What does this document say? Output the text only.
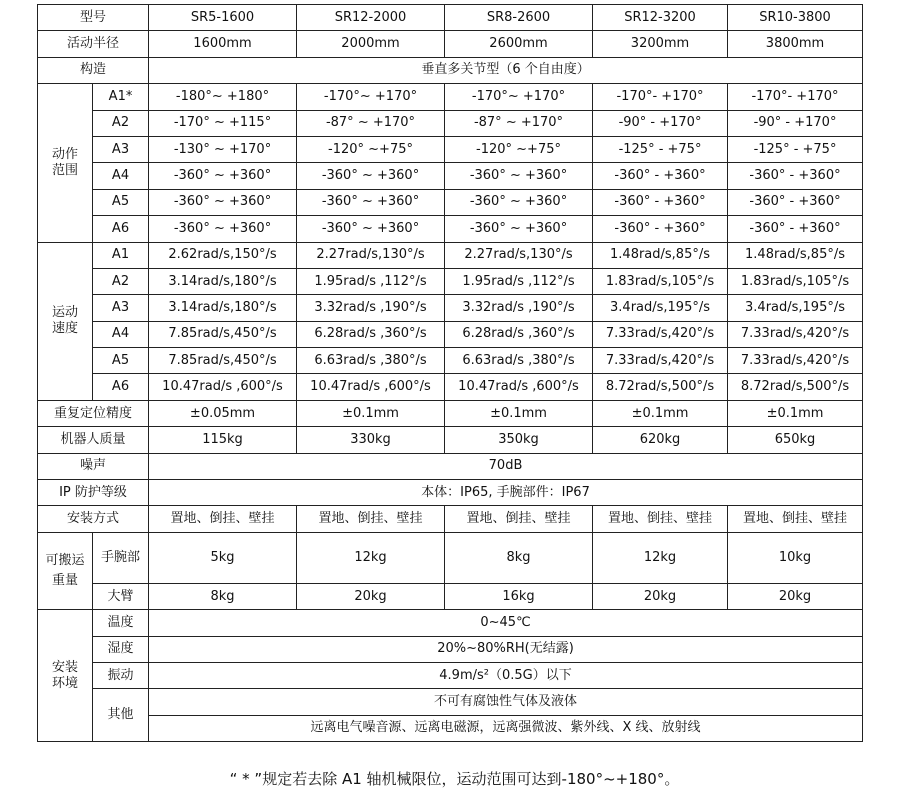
型号		SR5-1600	SR12-2000	SR8-2600	SR12-3200	SR10-3800
活动半径		1600mm	2000mm	2600mm	3200mm	3800mm
构造		垂直多关节型（6 个自由度）				
动作
范围	A1*	-180°~ +180°	-170°~ +170°	-170°~ +170°	-170°- +170°	-170°- +170°
	A2	-170° ~ +115°	-87° ~ +170°	-87° ~ +170°	-90° - +170°	-90° - +170°
	A3	-130° ~ +170°	-120° ~+75°	-120° ~+75°	-125° - +75°	-125° - +75°
	A4	-360° ~ +360°	-360° ~ +360°	-360° ~ +360°	-360° - +360°	-360° - +360°
	A5	-360° ~ +360°	-360° ~ +360°	-360° ~ +360°	-360° - +360°	-360° - +360°
	A6	-360° ~ +360°	-360° ~ +360°	-360° ~ +360°	-360° - +360°	-360° - +360°
运动
速度	A1	2.62rad/s,150°/s	2.27rad/s,130°/s	2.27rad/s,130°/s	1.48rad/s,85°/s	1.48rad/s,85°/s
	A2	3.14rad/s,180°/s	1.95rad/s ,112°/s	1.95rad/s ,112°/s	1.83rad/s,105°/s	1.83rad/s,105°/s
	A3	3.14rad/s,180°/s	3.32rad/s ,190°/s	3.32rad/s ,190°/s	3.4rad/s,195°/s	3.4rad/s,195°/s
	A4	7.85rad/s,450°/s	6.28rad/s ,360°/s	6.28rad/s ,360°/s	7.33rad/s,420°/s	7.33rad/s,420°/s
	A5	7.85rad/s,450°/s	6.63rad/s ,380°/s	6.63rad/s ,380°/s	7.33rad/s,420°/s	7.33rad/s,420°/s
	A6	10.47rad/s ,600°/s	10.47rad/s ,600°/s	10.47rad/s ,600°/s	8.72rad/s,500°/s	8.72rad/s,500°/s
重复定位精度		±0.05mm	±0.1mm	±0.1mm	±0.1mm	±0.1mm
机器人质量		115kg	330kg	350kg	620kg	650kg
噪声		70dB				
IP 防护等级		本体：IP65, 手腕部件：IP67				
安装方式		置地、倒挂、壁挂	置地、倒挂、壁挂	置地、倒挂、壁挂	置地、倒挂、壁挂	置地、倒挂、壁挂
可搬运重量	手腕部	5kg	12kg	8kg	12kg	10kg
	大臂	8kg	20kg	16kg	20kg	20kg
安装
环境	温度	0~45℃				
	湿度	20%~80%RH(无结露)				
	振动	4.9m/s²（0.5G）以下				
	其他	不可有腐蚀性气体及液体				
		远离电气噪音源、远离电磁源，远离强微波、紫外线、X 线、放射线				
“ * ”规定若去除 A1 轴机械限位，运动范围可达到-180°~+180°。
